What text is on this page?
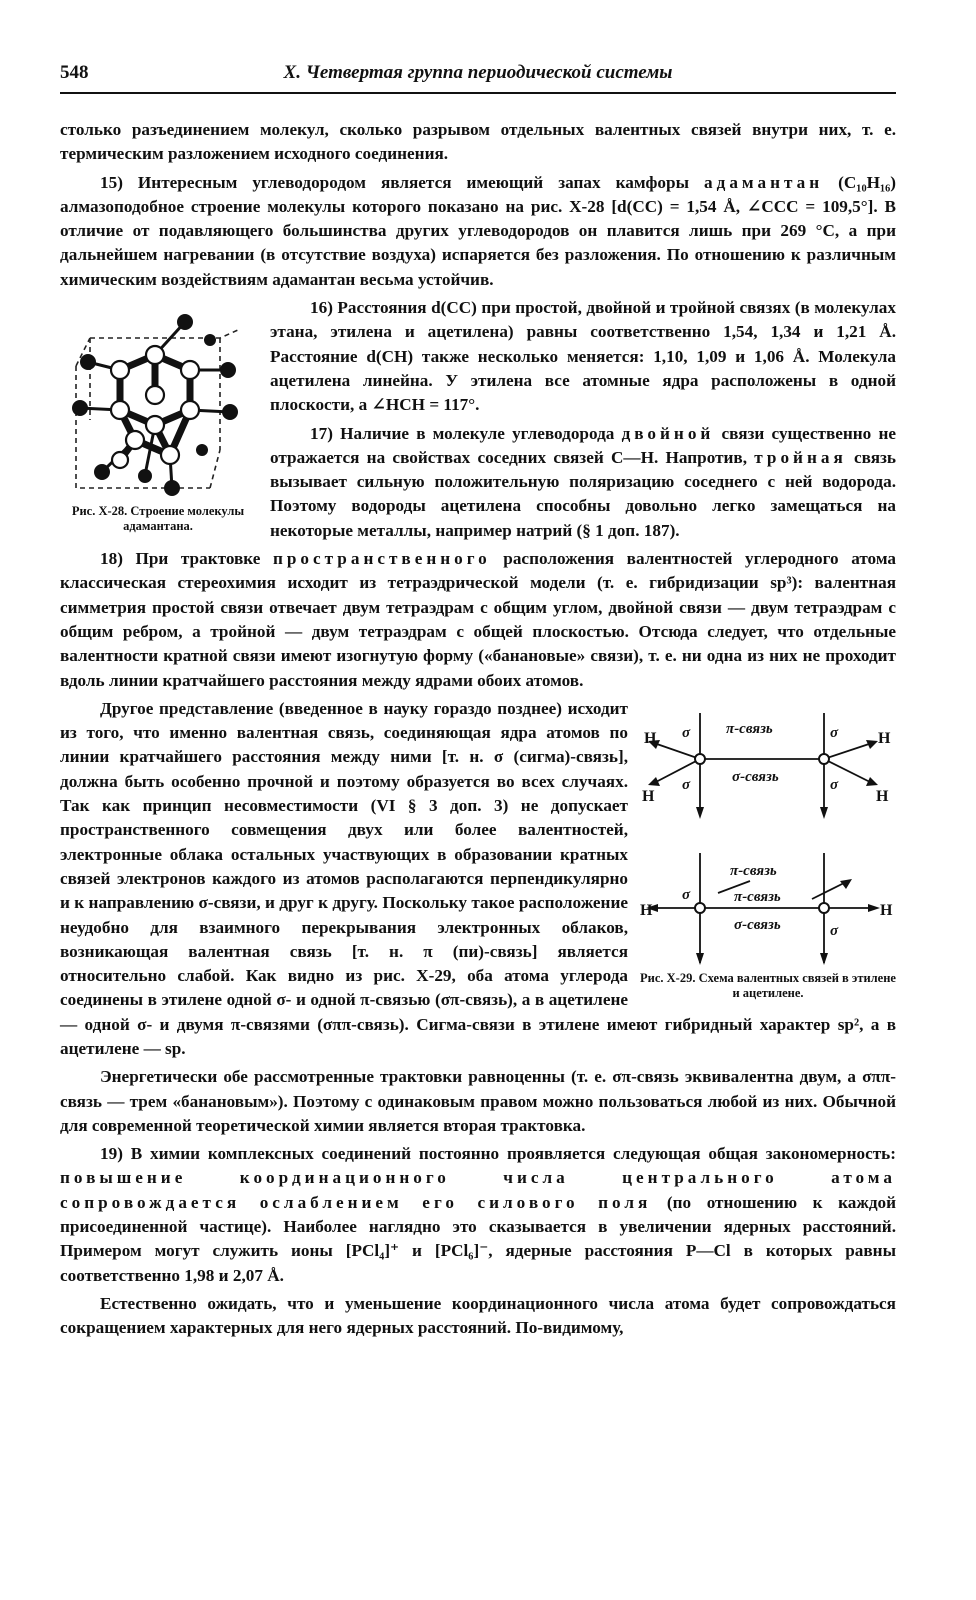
548	X. Четвертая группа периодической системы

столько разъединением молекул, сколько разрывом отдельных валентных связей внутри них, т. е. термическим разложением исходного соединения.

15) Интересным углеводородом является имеющий запах камфоры адамантан (C₁₀H₁₆) алмазоподобное строение молекулы которого показано на рис. X-28 [d(CC) = 1,54 Å, ∠CCC = 109,5°]. В отличие от подавляющего большинства других углеводородов он плавится лишь при 269 °С, а при дальнейшем нагревании (в отсутствие воздуха) испаряется без разложения. По отношению к различным химическим воздействиям адамантан весьма устойчив.

Рис. X-28. Строение молекулы адамантана.

16) Расстояния d(CC) при простой, двойной и тройной связях (в молекулах этана, этилена и ацетилена) равны соответственно 1,54, 1,34 и 1,21 Å. Расстояние d(CH) также несколько меняется: 1,10, 1,09 и 1,06 Å. Молекула ацетилена линейна. У этилена все атомные ядра расположены в одной плоскости, а ∠HCH = 117°.

17) Наличие в молекуле углеводорода двойной связи существенно не отражается на свойствах соседних связей C—H. Напротив, тройная связь вызывает сильную положительную поляризацию соседнего с ней водорода. Поэтому водороды ацетилена способны довольно легко замещаться на некоторые металлы, например натрий (§ 1 доп. 187).

18) При трактовке пространственного расположения валентностей углеродного атома классическая стереохимия исходит из тетраэдрической модели (т. е. гибридизации sp³): валентная симметрия простой связи отвечает двум тетраэдрам с общим углом, двойной связи — двум тетраэдрам с общим ребром, а тройной — двум тетраэдрам с общей плоскостью. Отсюда следует, что отдельные валентности кратной связи имеют изогнутую форму («банановые» связи), т. е. ни одна из них не проходит вдоль линии кратчайшего расстояния между ядрами обоих атомов.

H	H
H	H
H	H
σ	σ
σ	σ
σ
σ
π-связь
σ-связь
π-связь
π-связь
σ-связь
Рис. X-29. Схема валентных связей в этилене и ацетилене.

Другое представление (введенное в науку гораздо позднее) исходит из того, что именно валентная связь, соединяющая ядра атомов по линии кратчайшего расстояния между ними [т. н. σ (сигма)-связь], должна быть особенно прочной и поэтому образуется во всех случаях. Так как принцип несовместимости (VI § 3 доп. 3) не допускает пространственного совмещения двух или более валентностей, электронные облака остальных участвующих в образовании кратных связей электронов каждого из атомов располагаются перпендикулярно и к направлению σ-связи, и друг к другу. Поскольку такое расположение неудобно для взаимного перекрывания электронных облаков, возникающая валентная связь [т. н. π (пи)-связь] является относительно слабой. Как видно из рис. X-29, оба атома углерода соединены в этилене одной σ- и одной π-связью (σπ-связь), а в ацетилене — одной σ- и двумя π-связями (σππ-связь). Сигма-связи в этилене имеют гибридный характер sp², а в ацетилене — sp.

Энергетически обе рассмотренные трактовки равноценны (т. е. σπ-связь эквивалентна двум, а σππ-связь — трем «банановым»). Поэтому с одинаковым правом можно пользоваться любой из них. Обычной для современной теоретической химии является вторая трактовка.

19) В химии комплексных соединений постоянно проявляется следующая общая закономерность: повышение координационного числа центрального атома сопровождается ослаблением его силового поля (по отношению к каждой присоединенной частице). Наиболее наглядно это сказывается в увеличении ядерных расстояний. Примером могут служить ионы [PCl₄]⁺ и [PCl₆]⁻, ядерные расстояния P—Cl в которых равны соответственно 1,98 и 2,07 Å.

Естественно ожидать, что и уменьшение координационного числа атома будет сопровождаться сокращением характерных для него ядерных расстояний. По-видимому,
